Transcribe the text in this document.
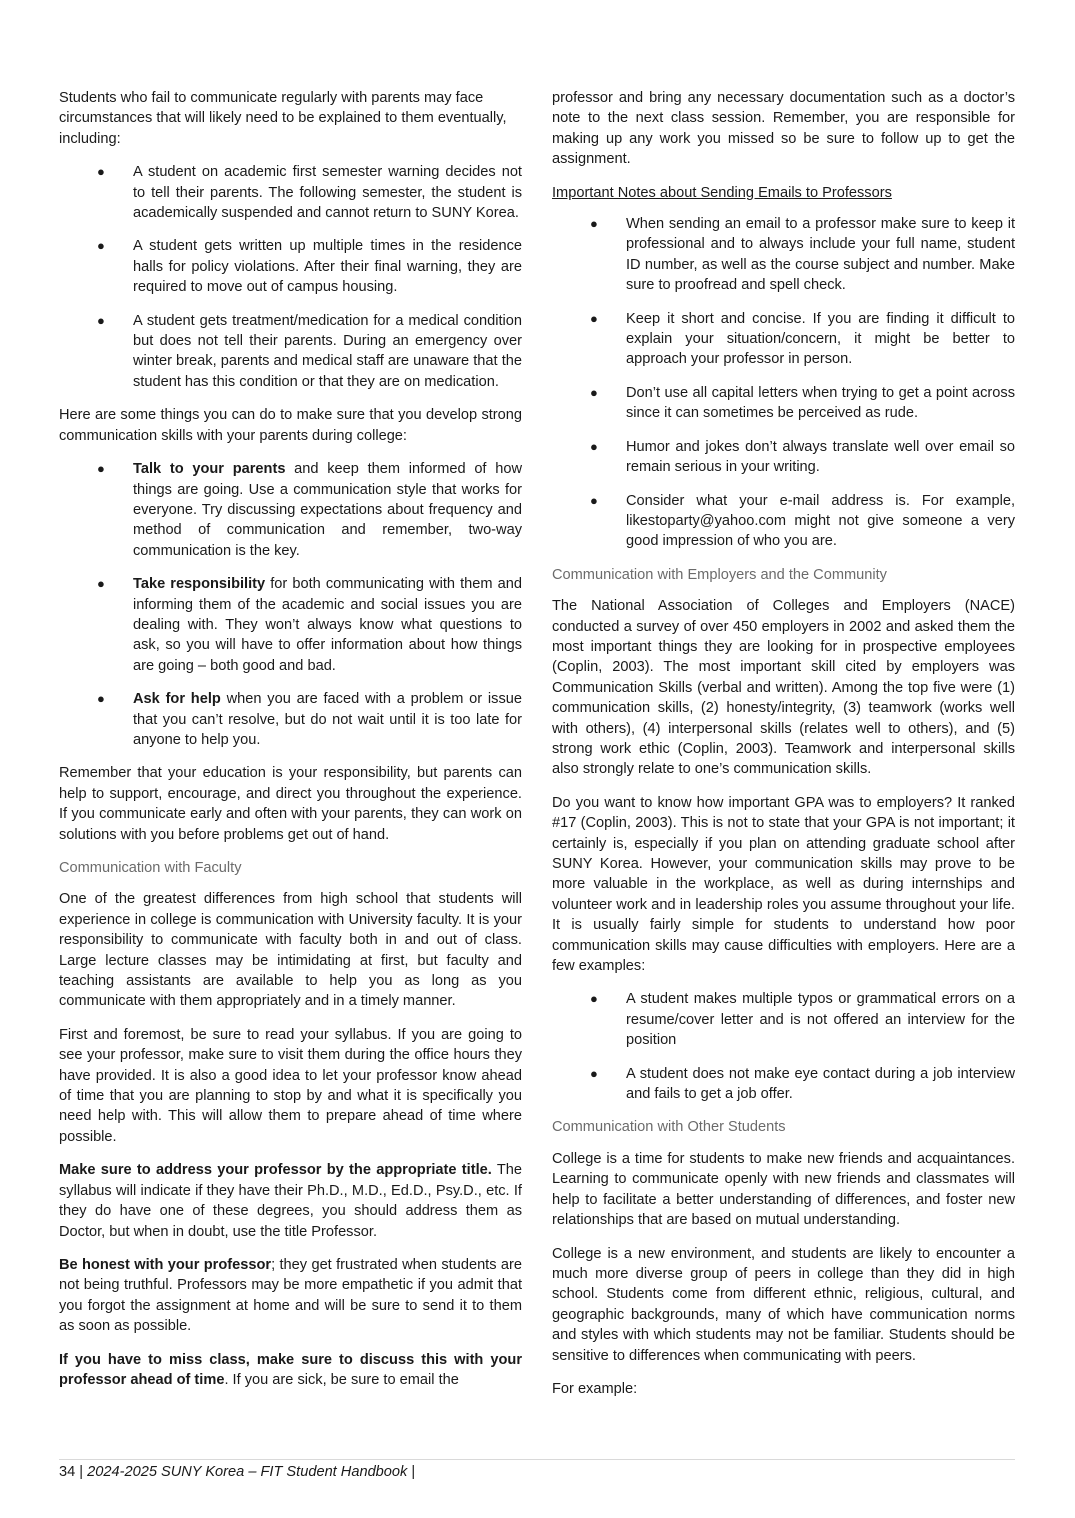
Students who fail to communicate regularly with parents may face circumstances that will likely need to be explained to them eventually, including:

● A student on academic first semester warning decides not to tell their parents. The following semester, the student is academically suspended and cannot return to SUNY Korea.
● A student gets written up multiple times in the residence halls for policy violations. After their final warning, they are required to move out of campus housing.
● A student gets treatment/medication for a medical condition but does not tell their parents. During an emergency over winter break, parents and medical staff are unaware that the student has this condition or that they are on medication.

Here are some things you can do to make sure that you develop strong communication skills with your parents during college:

● Talk to your parents and keep them informed of how things are going. Use a communication style that works for everyone. Try discussing expectations about frequency and method of communication and remember, two-way communication is the key.
● Take responsibility for both communicating with them and informing them of the academic and social issues you are dealing with. They won’t always know what questions to ask, so you will have to offer information about how things are going – both good and bad.
● Ask for help when you are faced with a problem or issue that you can’t resolve, but do not wait until it is too late for anyone to help you.

Remember that your education is your responsibility, but parents can help to support, encourage, and direct you throughout the experience. If you communicate early and often with your parents, they can work on solutions with you before problems get out of hand.

Communication with Faculty

One of the greatest differences from high school that students will experience in college is communication with University faculty. It is your responsibility to communicate with faculty both in and out of class. Large lecture classes may be intimidating at first, but faculty and teaching assistants are available to help you as long as you communicate with them appropriately and in a timely manner.

First and foremost, be sure to read your syllabus. If you are going to see your professor, make sure to visit them during the office hours they have provided. It is also a good idea to let your professor know ahead of time that you are planning to stop by and what it is specifically you need help with. This will allow them to prepare ahead of time where possible.

Make sure to address your professor by the appropriate title. The syllabus will indicate if they have their Ph.D., M.D., Ed.D., Psy.D., etc. If they do have one of these degrees, you should address them as Doctor, but when in doubt, use the title Professor.

Be honest with your professor; they get frustrated when students are not being truthful. Professors may be more empathetic if you admit that you forgot the assignment at home and will be sure to send it to them as soon as possible.

If you have to miss class, make sure to discuss this with your professor ahead of time. If you are sick, be sure to email the

professor and bring any necessary documentation such as a doctor’s note to the next class session. Remember, you are responsible for making up any work you missed so be sure to follow up to get the assignment.

Important Notes about Sending Emails to Professors
● When sending an email to a professor make sure to keep it professional and to always include your full name, student ID number, as well as the course subject and number. Make sure to proofread and spell check.
● Keep it short and concise. If you are finding it difficult to explain your situation/concern, it might be better to approach your professor in person.
● Don’t use all capital letters when trying to get a point across since it can sometimes be perceived as rude.
● Humor and jokes don’t always translate well over email so remain serious in your writing.
● Consider what your e-mail address is. For example, likestoparty@yahoo.com might not give someone a very good impression of who you are.
Communication with Employers and the Community

The National Association of Colleges and Employers (NACE) conducted a survey of over 450 employers in 2002 and asked them the most important things they are looking for in prospective employees (Coplin, 2003). The most important skill cited by employers was Communication Skills (verbal and written). Among the top five were (1) communication skills, (2) honesty/integrity, (3) teamwork (works well with others), (4) interpersonal skills (relates well to others), and (5) strong work ethic (Coplin, 2003). Teamwork and interpersonal skills also strongly relate to one’s communication skills.

Do you want to know how important GPA was to employers? It ranked #17 (Coplin, 2003). This is not to state that your GPA is not important; it certainly is, especially if you plan on attending graduate school after SUNY Korea. However, your communication skills may prove to be more valuable in the workplace, as well as during internships and volunteer work and in leadership roles you assume throughout your life. It is usually fairly simple for students to understand how poor communication skills may cause difficulties with employers. Here are a few examples:

● A student makes multiple typos or grammatical errors on a resume/cover letter and is not offered an interview for the position
● A student does not make eye contact during a job interview and fails to get a job offer.
Communication with Other Students

College is a time for students to make new friends and acquaintances. Learning to communicate openly with new friends and classmates will help to facilitate a better understanding of differences, and foster new relationships that are based on mutual understanding.

College is a new environment, and students are likely to encounter a much more diverse group of peers in college than they did in high school. Students come from different ethnic, religious, cultural, and geographic backgrounds, many of which have communication norms and styles with which students may not be familiar. Students should be sensitive to differences when communicating with peers.

For example:

34 | 2024-2025 SUNY Korea – FIT Student Handbook |
